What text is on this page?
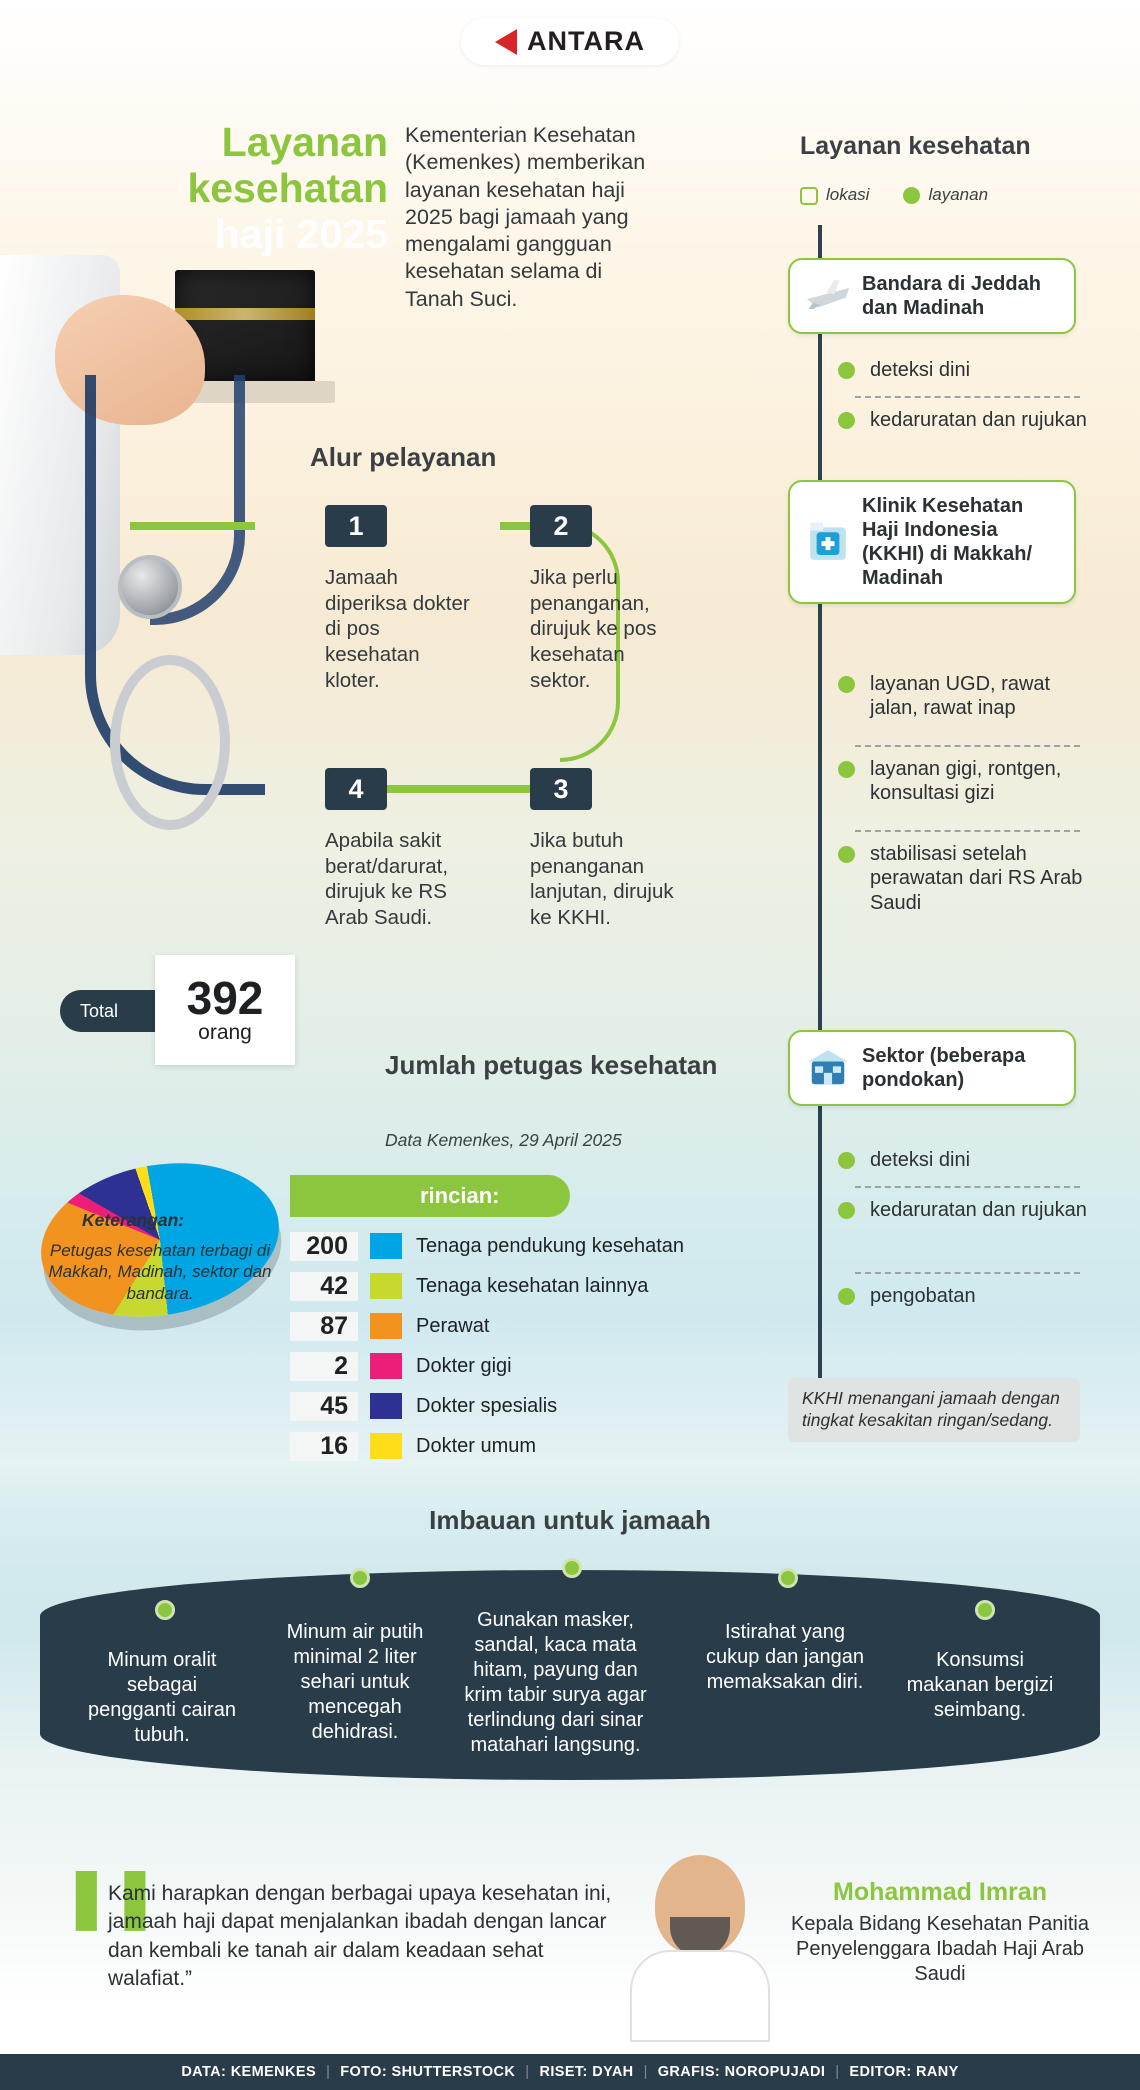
ANTARA
Layanan
kesehatan
haji 2025
Kementerian Kesehatan (Kemenkes) memberikan layanan kesehatan haji 2025 bagi jamaah yang mengalami gangguan kesehatan selama di Tanah Suci.
Alur pelayanan
1
Jamaah diperiksa dokter di pos kesehatan kloter.
2
Jika perlu penanganan, dirujuk ke pos kesehatan sektor.
3
Jika butuh penanganan lanjutan, dirujuk ke KKHI.
4
Apabila sakit berat/darurat, dirujuk ke RS Arab Saudi.
Layanan kesehatan
lokasi	layanan
Bandara di Jeddah dan Madinah
deteksi dini
kedaruratan dan rujukan
Klinik Kesehatan Haji Indonesia (KKHI) di Makkah/ Madinah
layanan UGD, rawat jalan, rawat inap
layanan gigi, rontgen, konsultasi gizi
stabilisasi setelah perawatan dari RS Arab Saudi
Sektor (beberapa pondokan)
deteksi dini
kedaruratan dan rujukan
pengobatan
KKHI menangani jamaah dengan tingkat kesakitan ringan/sedang.
Total	392
orang
Jumlah petugas kesehatan
Data Kemenkes, 29 April 2025
rincian:
Keterangan:
Petugas kesehatan terbagi di Makkah, Madinah, sektor dan bandara.
200	Tenaga pendukung kesehatan
42	Tenaga kesehatan lainnya
87	Perawat
2	Dokter gigi
45	Dokter spesialis
16	Dokter umum
Imbauan untuk jamaah
Minum oralit sebagai pengganti cairan tubuh.
Minum air putih minimal 2 liter sehari untuk mencegah dehidrasi.
Gunakan masker, sandal, kaca mata hitam, payung dan krim tabir surya agar terlindung dari sinar matahari langsung.
Istirahat yang cukup dan jangan memaksakan diri.
Konsumsi makanan bergizi seimbang.
❚❚
Kami harapkan dengan berbagai upaya kesehatan ini, jamaah haji dapat menjalankan ibadah dengan lancar dan kembali ke tanah air dalam keadaan sehat walafiat.”
Mohammad Imran
Kepala Bidang Kesehatan Panitia Penyelenggara Ibadah Haji Arab Saudi
DATA: KEMENKES | FOTO: SHUTTERSTOCK | RISET: DYAH | GRAFIS: NOROPUJADI | EDITOR: RANY
